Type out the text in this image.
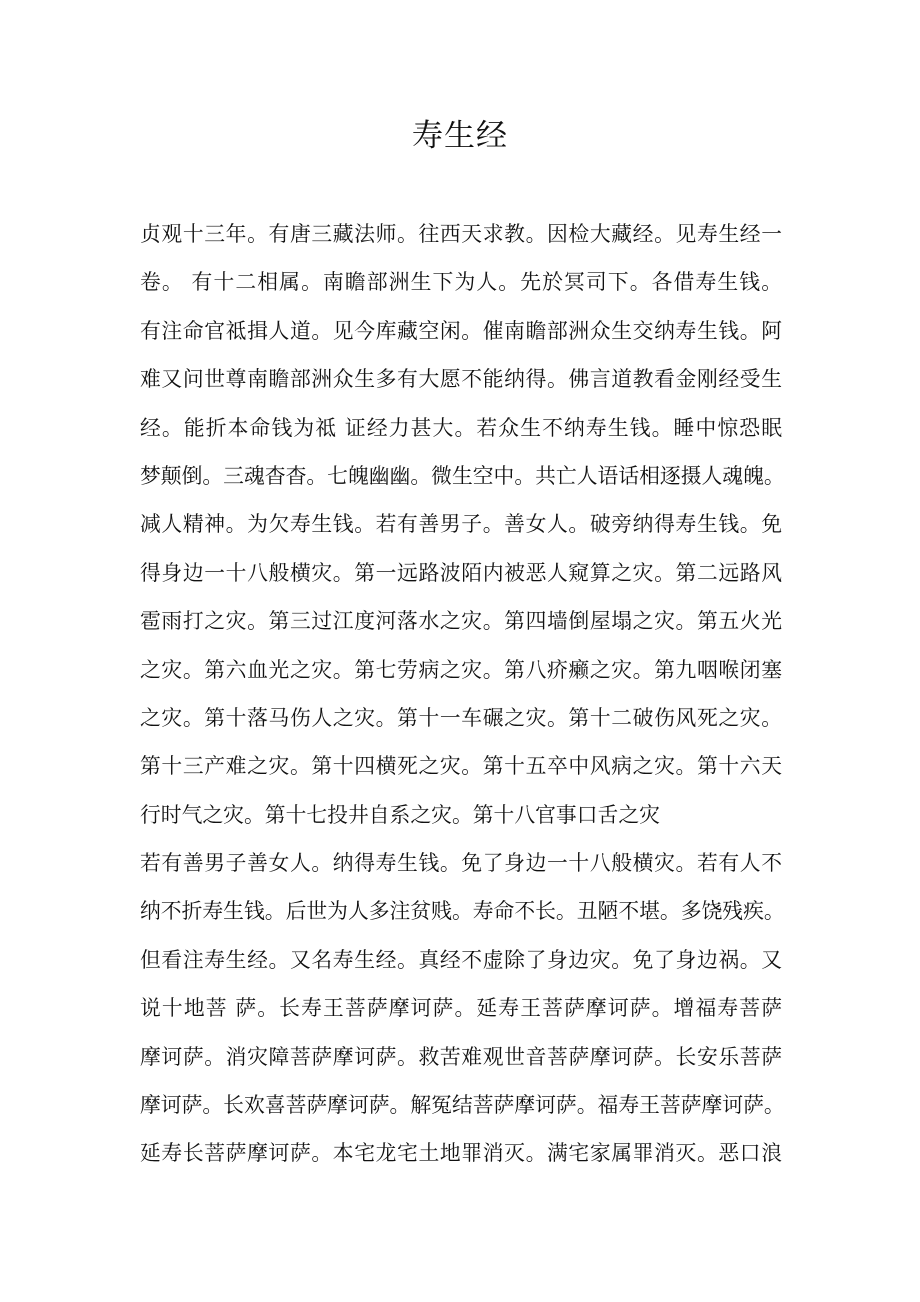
寿生经
贞观十三年。有唐三藏法师。往西天求教。因检大藏经。见寿生经一
卷。 有十二相属。南瞻部洲生下为人。先於冥司下。各借寿生钱。
有注命官祗揖人道。见今库藏空闲。催南瞻部洲众生交纳寿生钱。阿
难又问世尊南瞻部洲众生多有大愿不能纳得。佛言道教看金刚经受生
经。能折本命钱为祗 证经力甚大。若众生不纳寿生钱。睡中惊恐眠
梦颠倒。三魂杳杳。七魄幽幽。微生空中。共亡人语话相逐摄人魂魄。
减人精神。为欠寿生钱。若有善男子。善女人。破旁纳得寿生钱。免
得身边一十八般横灾。第一远路波陌内被恶人窥算之灾。第二远路风
雹雨打之灾。第三过江度河落水之灾。第四墙倒屋塌之灾。第五火光
之灾。第六血光之灾。第七劳病之灾。第八疥癞之灾。第九咽喉闭塞
之灾。第十落马伤人之灾。第十一车碾之灾。第十二破伤风死之灾。
第十三产难之灾。第十四横死之灾。第十五卒中风病之灾。第十六天
行时气之灾。第十七投井自系之灾。第十八官事口舌之灾
若有善男子善女人。纳得寿生钱。免了身边一十八般横灾。若有人不
纳不折寿生钱。后世为人多注贫贱。寿命不长。丑陋不堪。多饶残疾。
但看注寿生经。又名寿生经。真经不虚除了身边灾。免了身边祸。又
说十地菩 萨。长寿王菩萨摩诃萨。延寿王菩萨摩诃萨。增福寿菩萨
摩诃萨。消灾障菩萨摩诃萨。救苦难观世音菩萨摩诃萨。长安乐菩萨
摩诃萨。长欢喜菩萨摩诃萨。解冤结菩萨摩诃萨。福寿王菩萨摩诃萨。
延寿长菩萨摩诃萨。本宅龙宅土地罪消灭。满宅家属罪消灭。恶口浪
